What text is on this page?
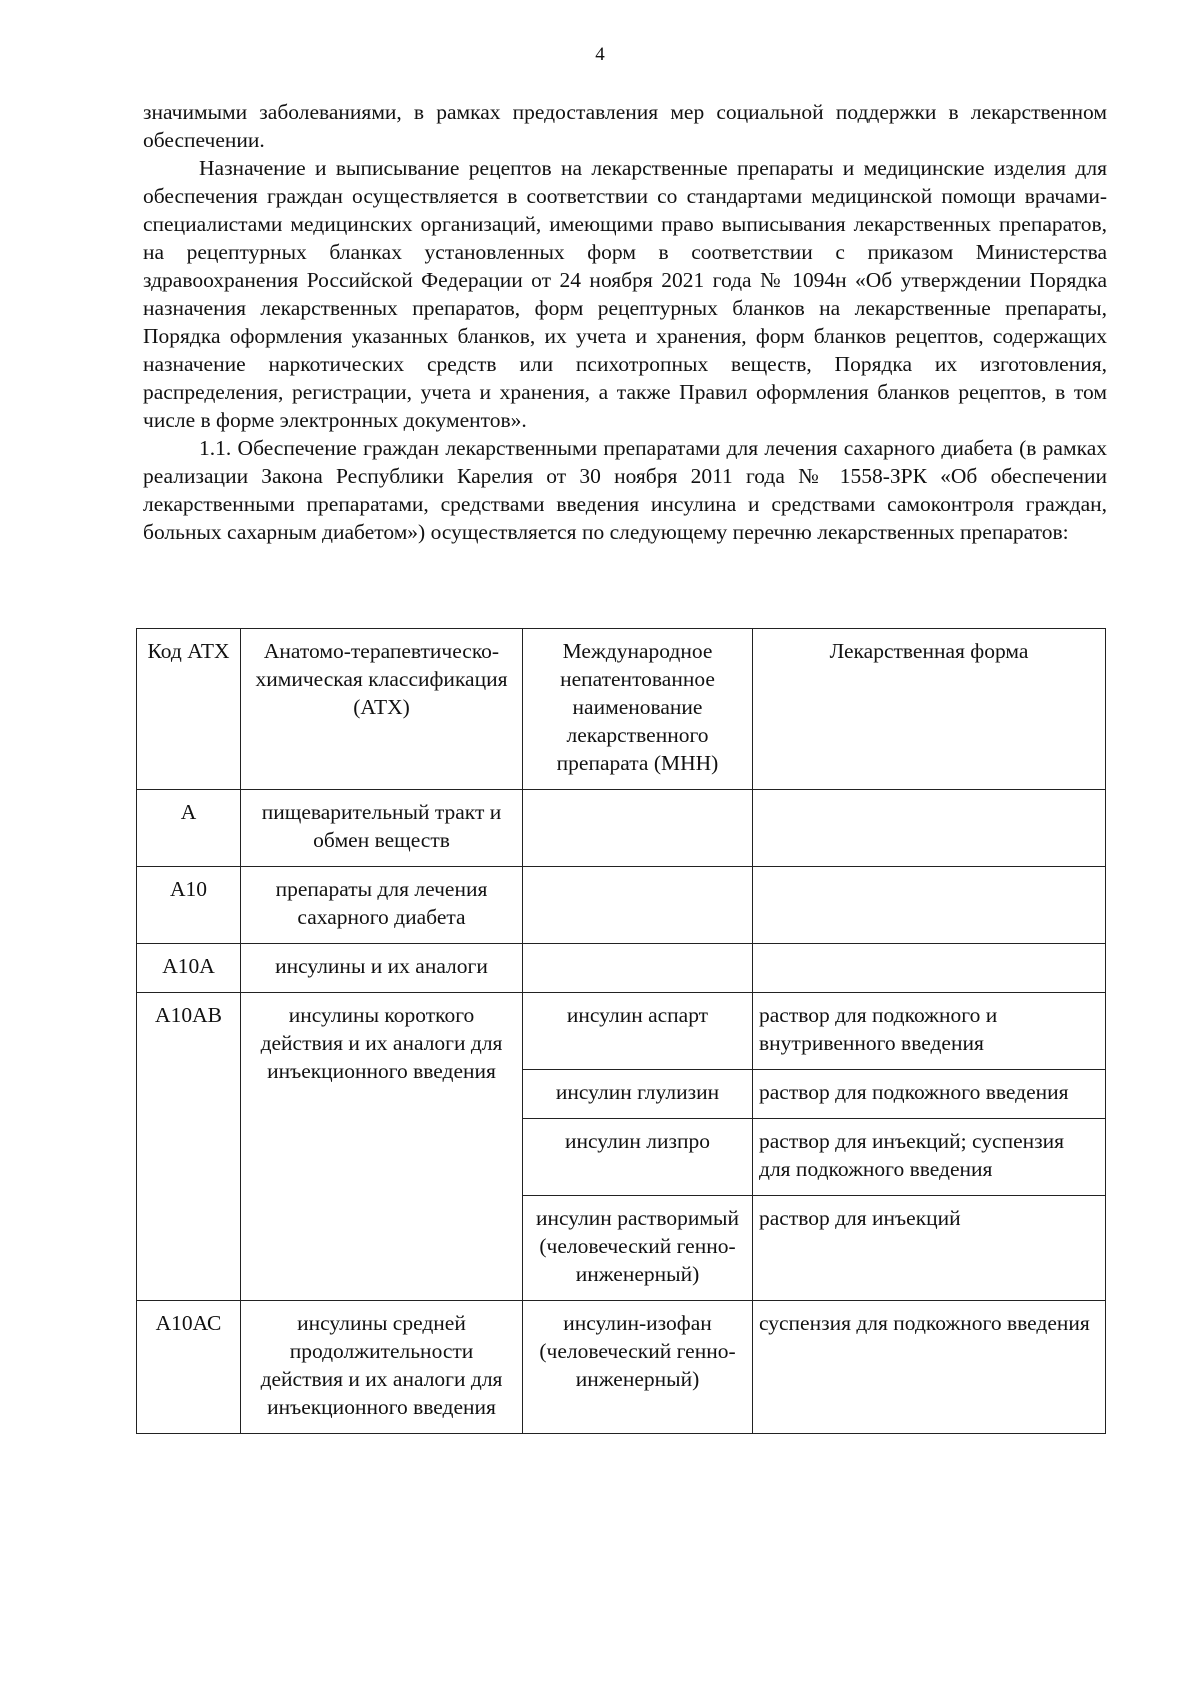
4

значимыми заболеваниями, в рамках предоставления мер социальной поддержки в лекарственном обеспечении.

Назначение и выписывание рецептов на лекарственные препараты и медицинские изделия для обеспечения граждан осуществляется в соответствии со стандартами медицинской помощи врачами-специалистами медицинских организаций, имеющими право выписывания лекарственных препаратов, на рецептурных бланках установленных форм в соответствии с приказом Министерства здравоохранения Российской Федерации от 24 ноября 2021 года № 1094н «Об утверждении Порядка назначения лекарственных препаратов, форм рецептурных бланков на лекарственные препараты, Порядка оформления указанных бланков, их учета и хранения, форм бланков рецептов, содержащих назначение наркотических средств или психотропных веществ, Порядка их изготовления, распределения, регистрации, учета и хранения, а также Правил оформления бланков рецептов, в том числе в форме электронных документов».

1.1. Обеспечение граждан лекарственными препаратами для лечения сахарного диабета (в рамках реализации Закона Республики Карелия от 30 ноября 2011 года № 1558-ЗРК «Об обеспечении лекарственными препаратами, средствами введения инсулина и средствами самоконтроля граждан, больных сахарным диабетом») осуществляется по следующему перечню лекарственных препаратов:

Код АТХ	Анатомо-терапевтическо-химическая классификация (АТХ)	Международное непатентованное наименование лекарственного препарата (МНН)	Лекарственная форма
А	пищеварительный тракт и обмен веществ		
А10	препараты для лечения сахарного диабета		
А10А	инсулины и их аналоги		
А10АВ	инсулины короткого действия и их аналоги для инъекционного введения	инсулин аспарт	раствор для подкожного и внутривенного введения
		инсулин глулизин	раствор для подкожного введения
		инсулин лизпро	раствор для инъекций; суспензия для подкожного введения
		инсулин растворимый (человеческий генно-инженерный)	раствор для инъекций
А10АС	инсулины средней продолжительности действия и их аналоги для инъекционного введения	инсулин-изофан (человеческий генно-инженерный)	суспензия для подкожного введения
